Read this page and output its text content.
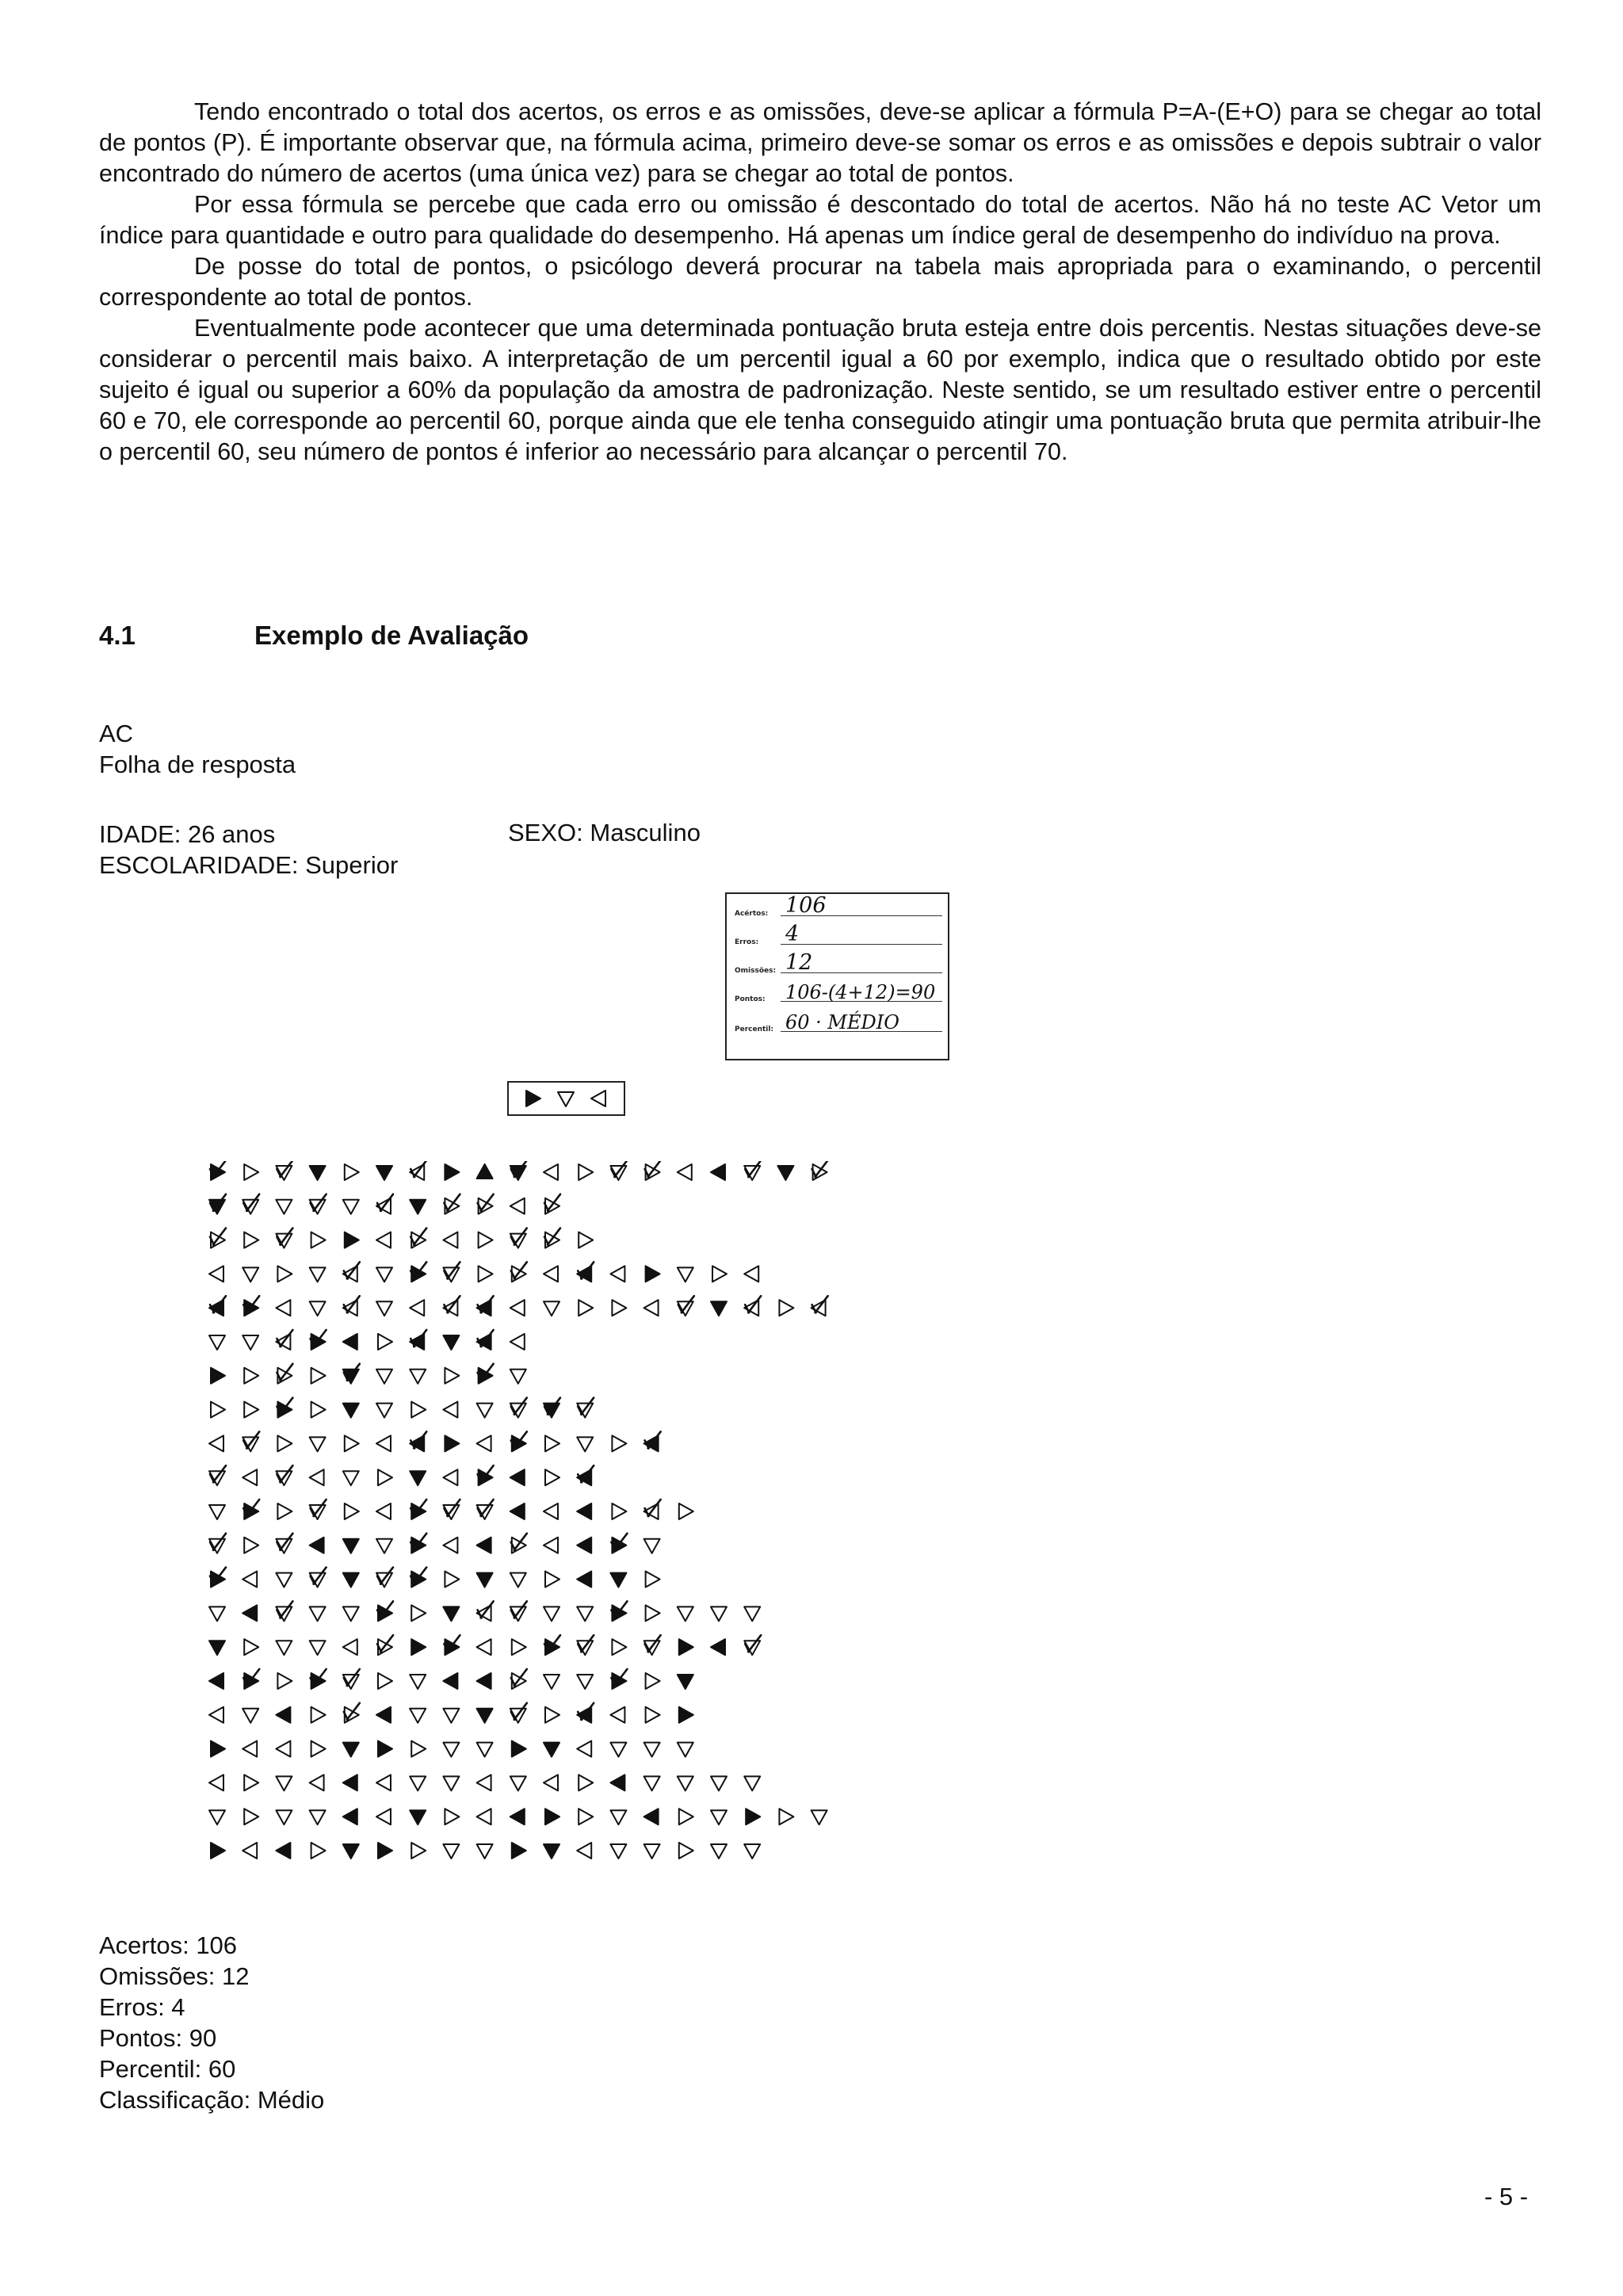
Tendo encontrado o total dos acertos, os erros e as omissões, deve-se aplicar a fórmula P=A-(E+O) para se chegar ao total de pontos (P). É importante observar que, na fórmula acima, primeiro deve-se somar os erros e as omissões e depois subtrair o valor encontrado do número de acertos (uma única vez) para se chegar ao total de pontos.

Por essa fórmula se percebe que cada erro ou omissão é descontado do total de acertos. Não há no teste AC Vetor um índice para quantidade e outro para qualidade do desempenho. Há apenas um índice geral de desempenho do indivíduo na prova.

De posse do total de pontos, o psicólogo deverá procurar na tabela mais apropriada para o examinando, o percentil correspondente ao total de pontos.

Eventualmente pode acontecer que uma determinada pontuação bruta esteja entre dois percentis. Nestas situações deve-se considerar o percentil mais baixo. A interpretação de um percentil igual a 60 por exemplo, indica que o resultado obtido por este sujeito é igual ou superior a 60% da população da amostra de padronização. Neste sentido, se um resultado estiver entre o percentil 60 e 70, ele corresponde ao percentil 60, porque ainda que ele tenha conseguido atingir uma pontuação bruta que permita atribuir-lhe o percentil 60, seu número de pontos é inferior ao necessário para alcançar o percentil 70.

4.1	Exemplo de Avaliação
AC
Folha de resposta
IDADE: 26 anos
ESCOLARIDADE: Superior
SEXO: Masculino
Acértos: 106
Erros: 4
Omissões: 12
Pontos: 106-(4+12)=90
Percentil: 60 · MÉDIO
Acertos: 106
Omissões: 12
Erros: 4
Pontos: 90
Percentil: 60
Classificação: Médio
- 5 -
